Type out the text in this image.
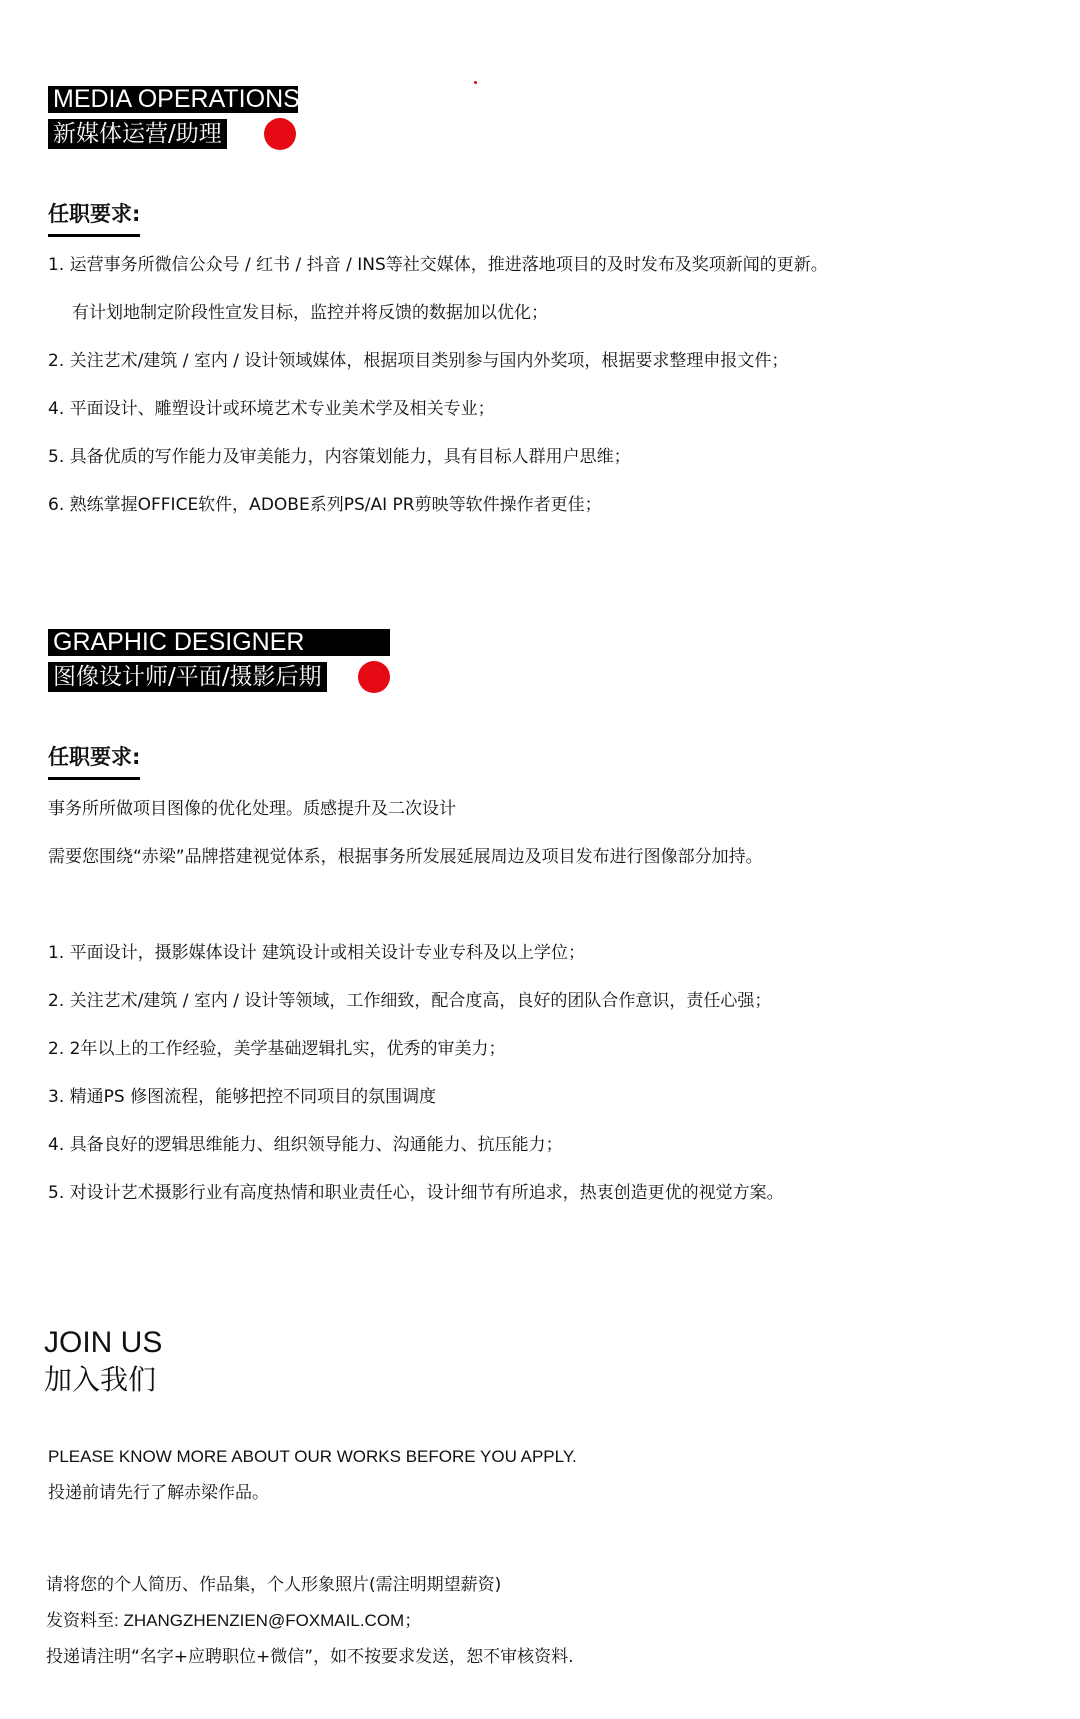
MEDIA OPERATIONS
新媒体运营/助理
任职要求:
1. 运营事务所微信公众号 / 红书 / 抖音 / INS等社交媒体，推进落地项目的及时发布及奖项新闻的更新。
有计划地制定阶段性宣发目标，监控并将反馈的数据加以优化；
2. 关注艺术/建筑 / 室内 / 设计领域媒体，根据项目类别参与国内外奖项，根据要求整理申报文件；
4. 平面设计、雕塑设计或环境艺术专业美术学及相关专业；
5. 具备优质的写作能力及审美能力，内容策划能力，具有目标人群用户思维；
6. 熟练掌握OFFICE软件，ADOBE系列PS/AI PR剪映等软件操作者更佳；
GRAPHIC DESIGNER
图像设计师/平面/摄影后期
任职要求:
事务所所做项目图像的优化处理。质感提升及二次设计
需要您围绕“赤梁”品牌搭建视觉体系，根据事务所发展延展周边及项目发布进行图像部分加持。
1. 平面设计，摄影媒体设计 建筑设计或相关设计专业专科及以上学位；
2. 关注艺术/建筑 / 室内 / 设计等领域，工作细致，配合度高，良好的团队合作意识，责任心强；
2. 2年以上的工作经验，美学基础逻辑扎实，优秀的审美力；
3. 精通PS 修图流程，能够把控不同项目的氛围调度
4. 具备良好的逻辑思维能力、组织领导能力、沟通能力、抗压能力；
5. 对设计艺术摄影行业有高度热情和职业责任心，设计细节有所追求，热衷创造更优的视觉方案。
JOIN US
加入我们
PLEASE KNOW MORE ABOUT OUR WORKS BEFORE YOU APPLY.
投递前请先行了解赤梁作品。
请将您的个人简历、作品集，个人形象照片(需注明期望薪资)
发资料至: ZHANGZHENZIEN@FOXMAIL.COM；
投递请注明“名字+应聘职位+微信”，如不按要求发送，恕不审核资料.
